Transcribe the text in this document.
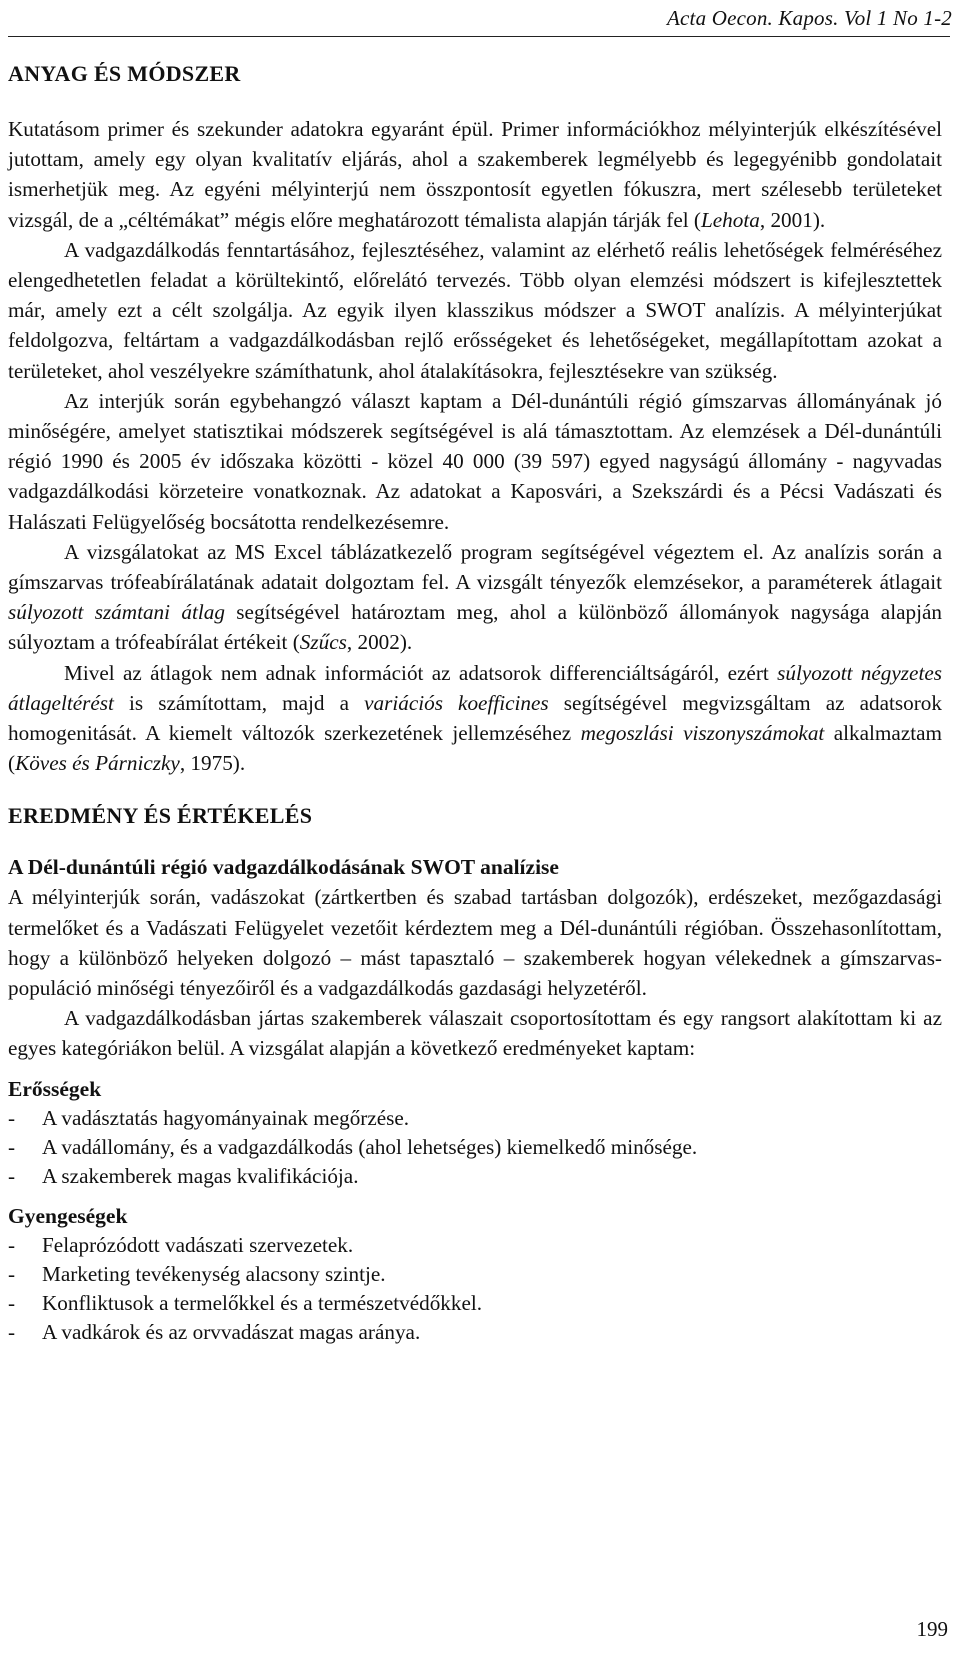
Acta Oecon. Kapos. Vol 1 No 1-2
ANYAG ÉS MÓDSZER

Kutatásom primer és szekunder adatokra egyaránt épül. Primer információkhoz mélyinterjúk elkészítésével jutottam, amely egy olyan kvalitatív eljárás, ahol a szakemberek legmélyebb és legegyénibb gondolatait ismerhetjük meg. Az egyéni mélyinterjú nem összpontosít egyetlen fókuszra, mert szélesebb területeket vizsgál, de a „céltémákat” mégis előre meghatározott témalista alapján tárják fel (Lehota, 2001).

A vadgazdálkodás fenntartásához, fejlesztéséhez, valamint az elérhető reális lehetőségek felméréséhez elengedhetetlen feladat a körültekintő, előrelátó tervezés. Több olyan elemzési módszert is kifejlesztettek már, amely ezt a célt szolgálja. Az egyik ilyen klasszikus módszer a SWOT analízis. A mélyinterjúkat feldolgozva, feltártam a vadgazdálkodásban rejlő erősségeket és lehetőségeket, megállapítottam azokat a területeket, ahol veszélyekre számíthatunk, ahol átalakításokra, fejlesztésekre van szükség.

Az interjúk során egybehangzó választ kaptam a Dél-dunántúli régió gímszarvas állományának jó minőségére, amelyet statisztikai módszerek segítségével is alá támasztottam. Az elemzések a Dél-dunántúli régió 1990 és 2005 év időszaka közötti - közel 40 000 (39 597) egyed nagyságú állomány - nagyvadas vadgazdálkodási körzeteire vonatkoznak. Az adatokat a Kaposvári, a Szekszárdi és a Pécsi Vadászati és Halászati Felügyelőség bocsátotta rendelkezésemre.

A vizsgálatokat az MS Excel táblázatkezelő program segítségével végeztem el. Az analízis során a gímszarvas trófeabírálatának adatait dolgoztam fel. A vizsgált tényezők elemzésekor, a paraméterek átlagait súlyozott számtani átlag segítségével határoztam meg, ahol a különböző állományok nagysága alapján súlyoztam a trófeabírálat értékeit (Szűcs, 2002).

Mivel az átlagok nem adnak információt az adatsorok differenciáltságáról, ezért súlyozott négyzetes átlageltérést is számítottam, majd a variációs koefficines segítségével megvizsgáltam az adatsorok homogenitását. A kiemelt változók szerkezetének jellemzéséhez megoszlási viszonyszámokat alkalmaztam (Köves és Párniczky, 1975).

EREDMÉNY ÉS ÉRTÉKELÉS
A Dél-dunántúli régió vadgazdálkodásának SWOT analízise

A mélyinterjúk során, vadászokat (zártkertben és szabad tartásban dolgozók), erdészeket, mezőgazdasági termelőket és a Vadászati Felügyelet vezetőit kérdeztem meg a Dél-dunántúli régióban. Összehasonlítottam, hogy a különböző helyeken dolgozó – mást tapasztaló – szakemberek hogyan vélekednek a gímszarvas-populáció minőségi tényezőiről és a vadgazdálkodás gazdasági helyzetéről.

A vadgazdálkodásban jártas szakemberek válaszait csoportosítottam és egy rangsort alakítottam ki az egyes kategóriákon belül. A vizsgálat alapján a következő eredményeket kaptam:

Erősségek
- A vadásztatás hagyományainak megőrzése.
- A vadállomány, és a vadgazdálkodás (ahol lehetséges) kiemelkedő minősége.
- A szakemberek magas kvalifikációja.
Gyengeségek
- Felaprózódott vadászati szervezetek.
- Marketing tevékenység alacsony szintje.
- Konfliktusok a termelőkkel és a természetvédőkkel.
- A vadkárok és az orvvadászat magas aránya.
199
